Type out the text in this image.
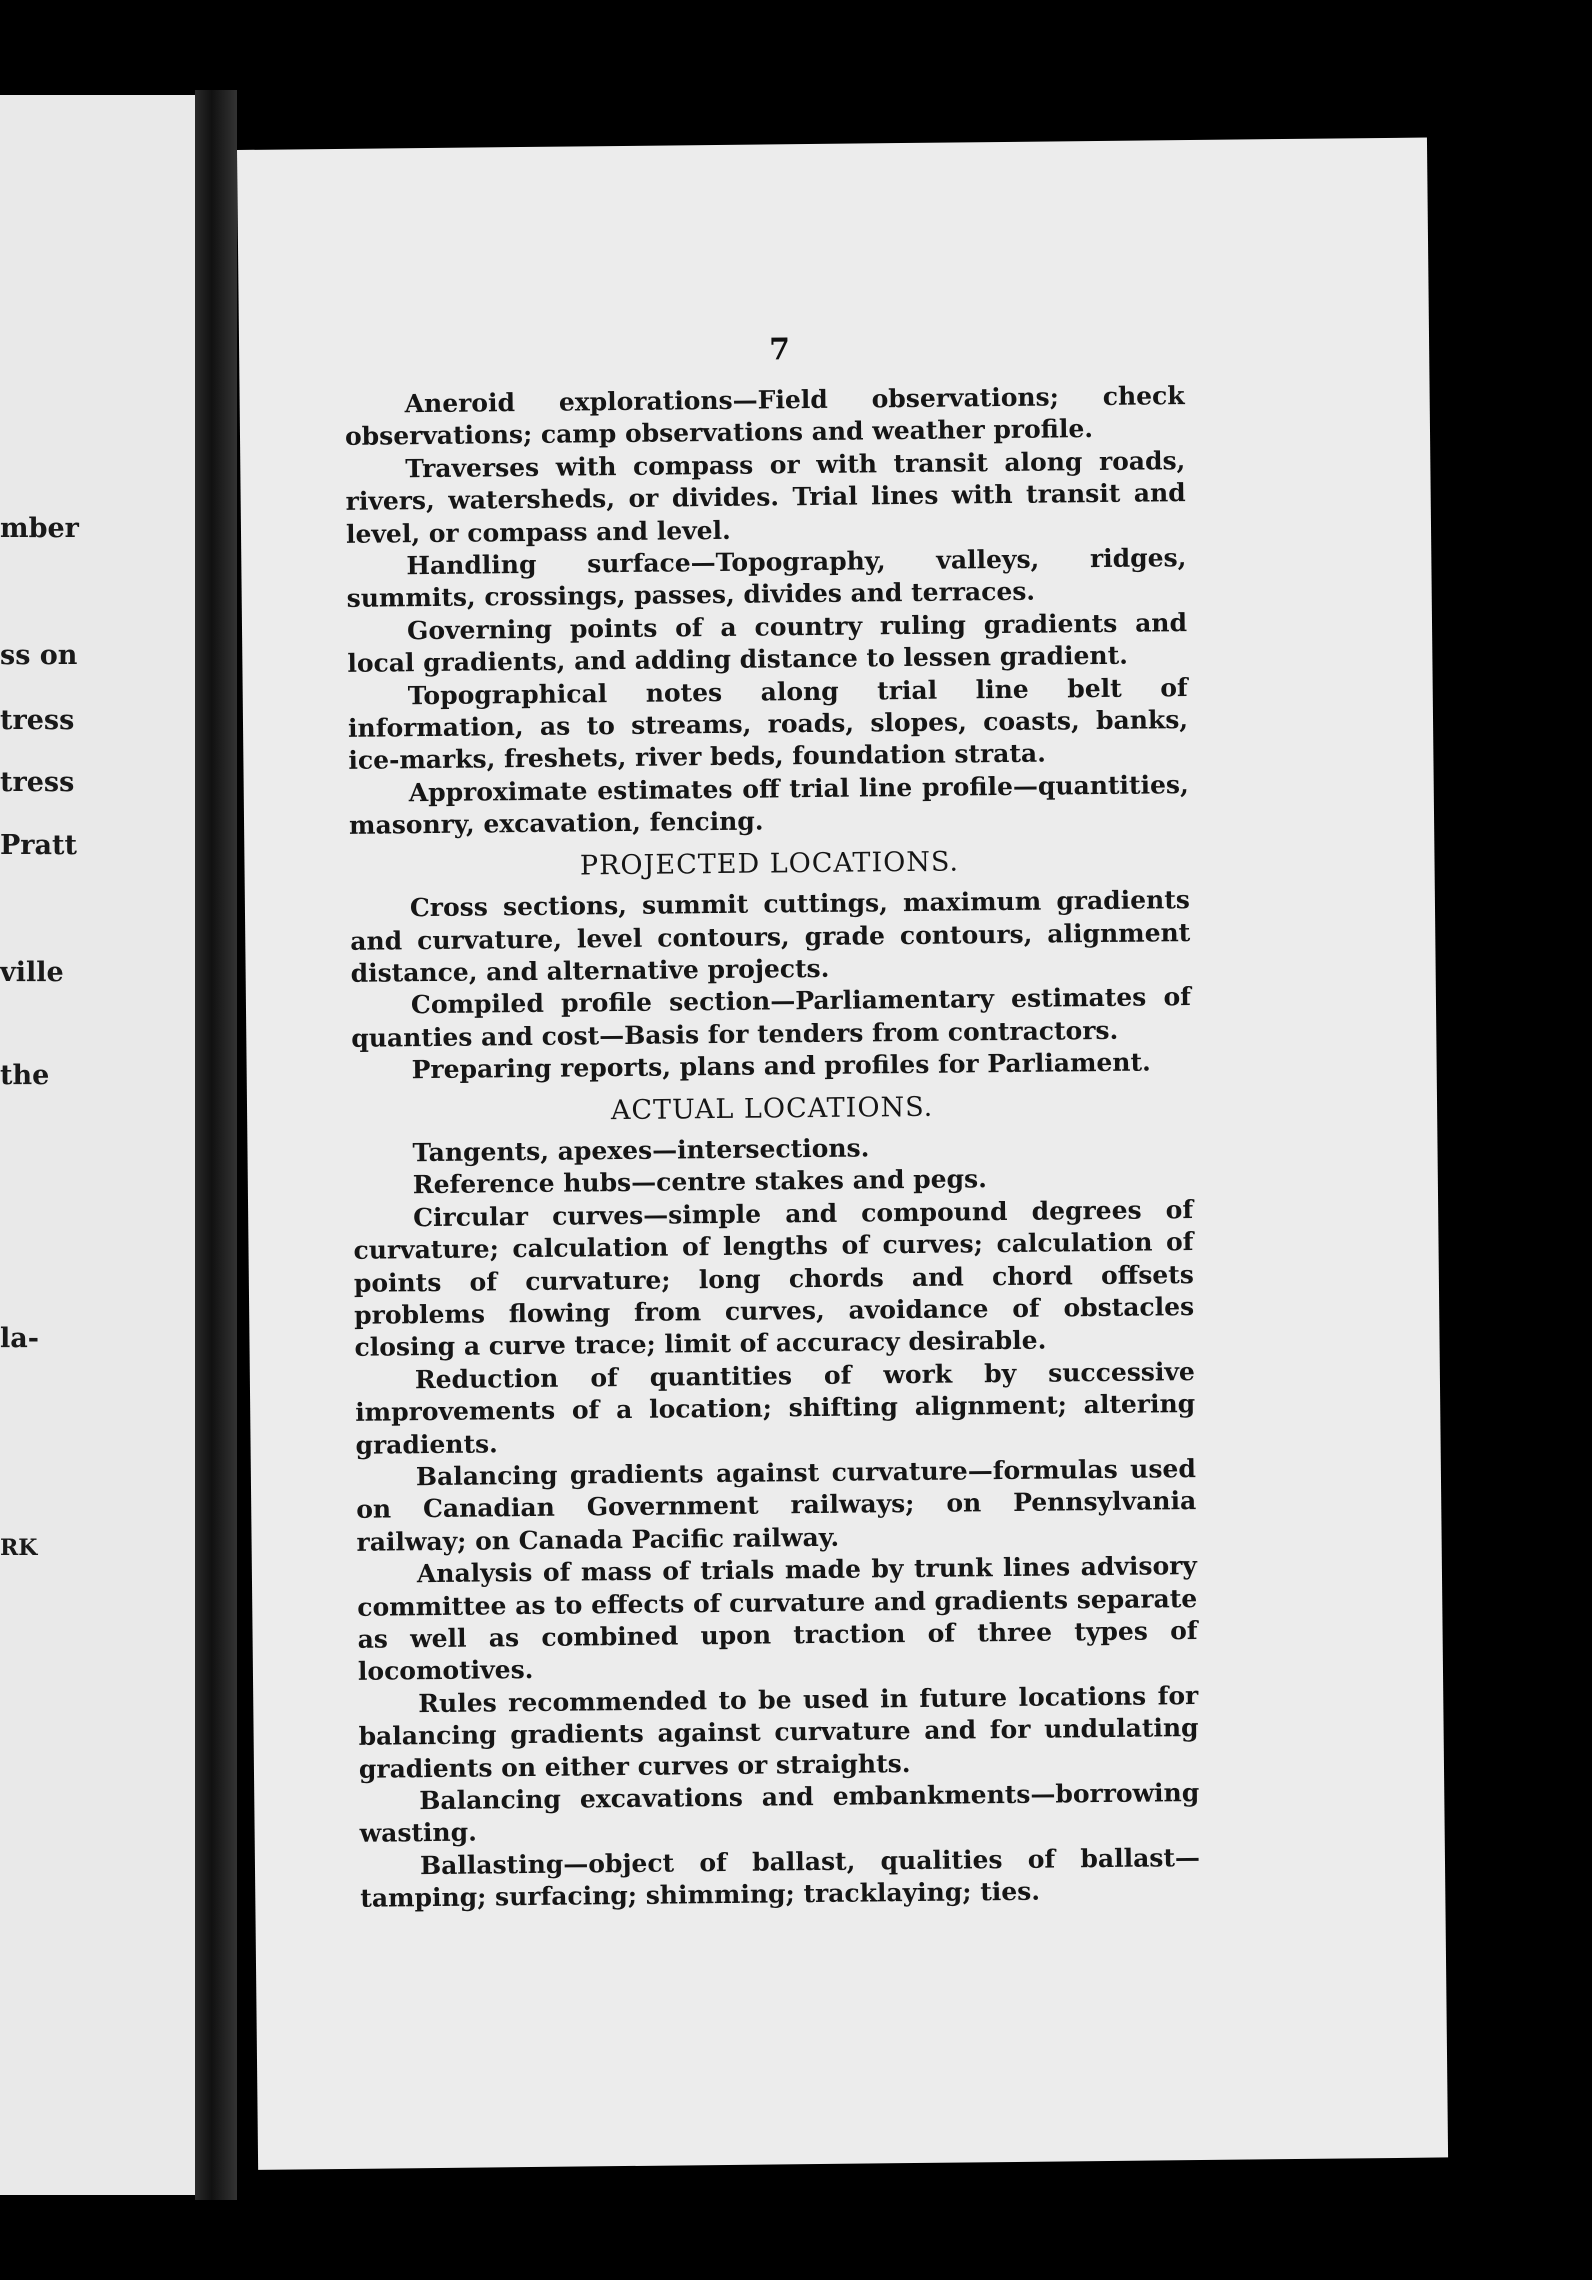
mber
ss on
tress
tress
Pratt
ville
the
la-
RK
7

Aneroid explorations—Field observations; check observations; camp observations and weather profile.

Traverses with compass or with transit along roads, rivers, watersheds, or divides. Trial lines with transit and level, or compass and level.

Handling surface—Topography, valleys, ridges, summits, crossings, passes, divides and terraces.

Governing points of a country ruling gradients and local gradients, and adding distance to lessen gradient.

Topographical notes along trial line belt of information, as to streams, roads, slopes, coasts, banks, ice-marks, freshets, river beds, foundation strata.

Approximate estimates off trial line profile—quantities, masonry, excavation, fencing.

PROJECTED LOCATIONS.

Cross sections, summit cuttings, maximum gradients and curvature, level contours, grade contours, alignment distance, and alternative projects.

Compiled profile section—Parliamentary estimates of quanties and cost—Basis for tenders from contractors.

Preparing reports, plans and profiles for Parliament.

ACTUAL LOCATIONS.

Tangents, apexes—intersections.

Reference hubs—centre stakes and pegs.

Circular curves—simple and compound degrees of curvature; calculation of lengths of curves; calculation of points of curvature; long chords and chord offsets problems flowing from curves, avoidance of obstacles closing a curve trace; limit of accuracy desirable.

Reduction of quantities of work by successive improvements of a location; shifting alignment; altering gradients.

Balancing gradients against curvature—formulas used on Canadian Government railways; on Pennsylvania railway; on Canada Pacific railway.

Analysis of mass of trials made by trunk lines advisory committee as to effects of curvature and gradients separate as well as combined upon traction of three types of locomotives.

Rules recommended to be used in future locations for balancing gradients against curvature and for undulating gradients on either curves or straights.

Balancing excavations and embankments—borrowing wasting.

Ballasting—object of ballast, qualities of ballast—tamping; surfacing; shimming; tracklaying; ties.
